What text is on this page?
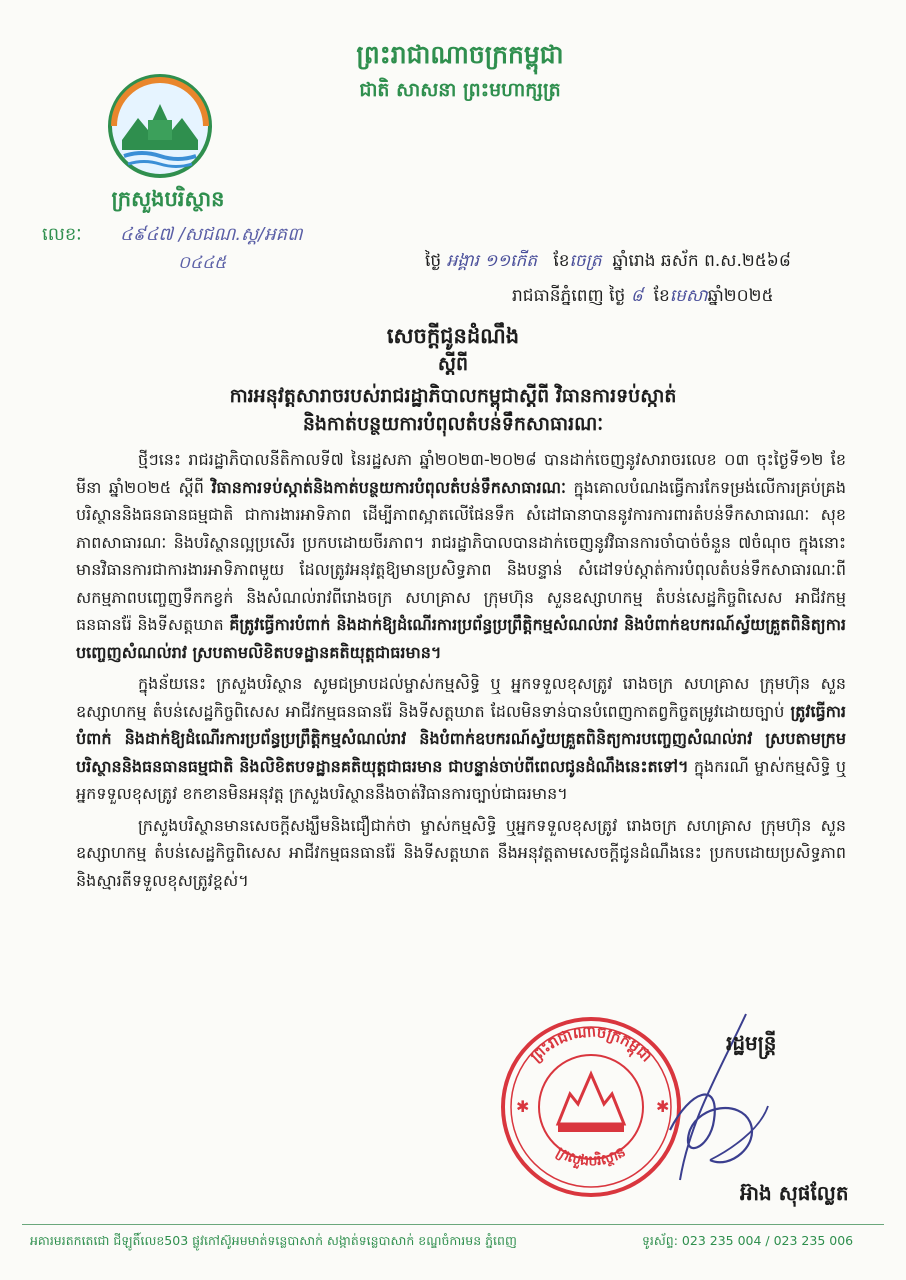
ព្រះរាជាណាចក្រកម្ពុជា
ជាតិ សាសនា ព្រះមហាក្សត្រ
ក្រសួងបរិស្ថាន
លេខៈ ៤៩៤៧ /សជណ.ស្ត/អគ៣
០៤៤៥	ថ្ងៃ អង្គារ ១១កើត ខែចេត្រ ឆ្នាំរោង ឆស័ក ព.ស.២៥៦៨
រាជធានីភ្នំពេញ ថ្ងៃ ៨ ខែមេសាឆ្នាំ២០២៥
សេចក្តីជូនដំណឹង
ស្តីពី
ការអនុវត្តសារាចរបស់រាជរដ្ឋាភិបាលកម្ពុជាស្តីពី វិធានការទប់ស្កាត់
និងកាត់បន្ថយការបំពុលតំបន់ទឹកសាធារណៈ

ថ្មីៗនេះ រាជរដ្ឋាភិបាលនីតិកាលទី៧ នៃរដ្ឋសភា ឆ្នាំ២០២៣-២០២៨ បានដាក់ចេញនូវសារាចរលេខ ០៣ ចុះថ្ងៃទី១២ ខែមីនា ឆ្នាំ២០២៥ ស្តីពី វិធានការទប់ស្កាត់និងកាត់បន្ថយការបំពុលតំបន់ទឹកសាធារណៈ ក្នុងគោលបំណងធ្វើការកែទម្រង់លើការគ្រប់គ្រងបរិស្ថាននិងធនធានធម្មជាតិ ជាការងារអាទិភាព ដើម្បីភាពស្អាតលើផែនទឹក សំដៅធានាបាននូវការការពារតំបន់ទឹកសាធារណៈ សុខភាពសាធារណៈ និងបរិស្ថានល្អប្រសើរ ប្រកបដោយចីរភាព។ រាជរដ្ឋាភិបាលបានដាក់ចេញនូវវិធានការចាំបាច់ចំនួន ៧ចំណុច ក្នុងនោះមានវិធានការជាការងារអាទិភាពមួយ ដែលត្រូវអនុវត្តឱ្យមានប្រសិទ្ធភាព និងបន្ទាន់ សំដៅទប់ស្កាត់ការបំពុលតំបន់ទឹកសាធារណៈពីសកម្មភាពបញ្ចេញទឹកកខ្វក់ និងសំណល់រាវពីរោងចក្រ សហគ្រាស ក្រុមហ៊ុន សួនឧស្សាហកម្ម តំបន់សេដ្ឋកិច្ចពិសេស អាជីវកម្មធនធានរ៉ែ និងទីសត្តឃាត គឺត្រូវធ្វើការបំពាក់ និងដាក់ឱ្យដំណើរការប្រព័ន្ធប្រព្រឹត្តិកម្មសំណល់រាវ និងបំពាក់ឧបករណ៍ស្វ័យគ្រួតពិនិត្យការបញ្ចេញសំណល់រាវ ស្របតាមលិខិតបទដ្ឋានគតិយុត្តជាធរមាន។

ក្នុងន័យនេះ ក្រសួងបរិស្ថាន សូមជម្រាបដល់ម្ចាស់កម្មសិទ្ធិ ឬ អ្នកទទួលខុសត្រូវ រោងចក្រ សហគ្រាស ក្រុមហ៊ុន សួនឧស្សាហកម្ម តំបន់សេដ្ឋកិច្ចពិសេស អាជីវកម្មធនធានរ៉ែ និងទីសត្តឃាត ដែលមិនទាន់បានបំពេញកាតព្វកិច្ចតម្រូវដោយច្បាប់ ត្រូវធ្វើការបំពាក់ និងដាក់ឱ្យដំណើរការប្រព័ន្ធប្រព្រឹត្តិកម្មសំណល់រាវ និងបំពាក់ឧបករណ៍ស្វ័យគ្រួតពិនិត្យការបញ្ចេញសំណល់រាវ ស្របតាមក្រមបរិស្ថាននិងធនធានធម្មជាតិ និងលិខិតបទដ្ឋានគតិយុត្តជាធរមាន ជាបន្ទាន់ចាប់ពីពេលជូនដំណឹងនេះតទៅ។ ក្នុងករណី ម្ចាស់កម្មសិទ្ធិ ឬ អ្នកទទួលខុសត្រូវ ខកខានមិនអនុវត្ត ក្រសួងបរិស្ថាននឹងចាត់វិធានការច្បាប់ជាធរមាន។

ក្រសួងបរិស្ថានមានសេចក្តីសង្ឃឹមនិងជឿជាក់ថា ម្ចាស់កម្មសិទ្ធិ ឬអ្នកទទួលខុសត្រូវ រោងចក្រ សហគ្រាស ក្រុមហ៊ុន សួនឧស្សាហកម្ម តំបន់សេដ្ឋកិច្ចពិសេស អាជីវកម្មធនធានរ៉ែ និងទីសត្តឃាត នឹងអនុវត្តតាមសេចក្តីជូនដំណឹងនេះ ប្រកបដោយប្រសិទ្ធភាព និងស្មារតីទទួលខុសត្រូវខ្ពស់។

ព្រះរាជាណាចក្រកម្ពុជា
ក្រសួងបរិស្ថាន
✱	✱
រដ្ឋមន្ត្រី
អ៊ាង សុផល្លែត
អគារមរតកតេជោ ជីឡូតិ៍លេខ503 ផ្លូវកៅស៊ូអមមាត់ទន្លេបាសាក់ សង្កាត់ទន្លេបាសាក់ ខណ្ឌចំការមន ភ្នំពេញ	ទូរស័ព្ទ: 023 235 004 / 023 235 006
